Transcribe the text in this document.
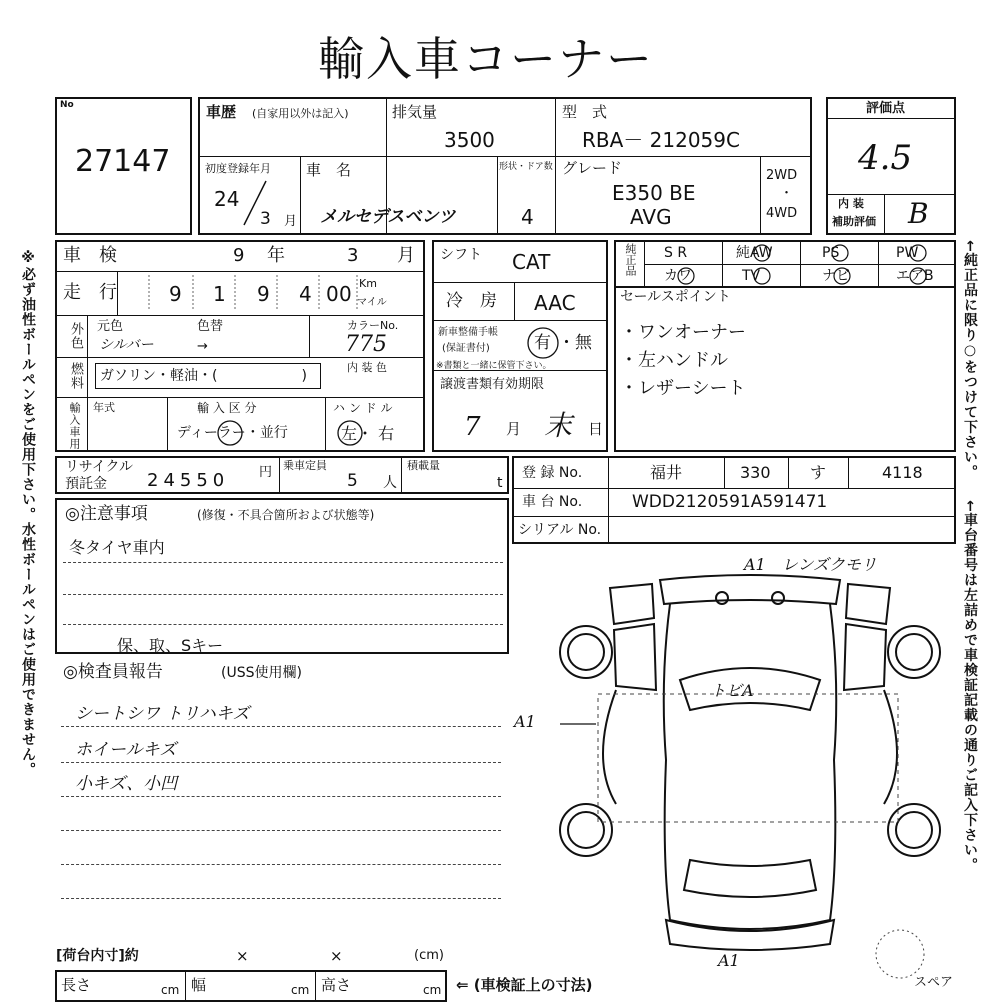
輸入車コーナー
※必ず油性ボールペンをご使用下さい。水性ボールペンはご使用できません。	←純正品に限り○をつけて下さい。
←車台番号は左詰めで車検証記載の通りご記入下さい。
No
27147
車歴 (自家用以外は記入)	排気量
3500
型　式
RBA－ 212059C
初度登録年月
24
3 月
車　名
メルセデスベンツ
形状・ドア数
4
グレード
E350 BE
AVG
2WD
・
4WD
評価点
4.5
内 装
補助評価 B
車　検	9 年	3 月
走　行	9 1 9 4 0
0 Km
マイル
外色 元色	色替
シルバー	→
カラーNo.
775
燃料 ガソリン・軽油・(　　　　　　)
内 装 色
輸入車用 年式	輸 入 区 分
ディーラー・並行
ハ ン ド ル
左・ 右
シフト CAT
冷　房 AAC
新車整備手帳
(保証書付)	有 ・無
※書類と一緒に保管下さい。
譲渡書類有効期限
7 月 末 日
純正品 S R	純AW	PS	PW
カワ	TV	ナビ	エアB
セールスポイント
・ワンオーナー
・左ハンドル
・レザーシート
リサイクル
預託金 24550 円 乗車定員
5 人
積載量
t
登 録 No.	福井	330 す	4118
車 台 No.	WDD2120591A591471
シリアル No.
◎注意事項	(修復・不具合箇所および状態等)
冬タイヤ車内
保、取、Sキー
◎検査員報告	(USS使用欄)
シートシワ トリハキズ
ホイールキズ
小キズ、小凹
A1　レンズクモリ
トビA
A1
A1
スペア
[荷台内寸]約	×	×	(cm)
長さ	cm 幅	cm 高さ	cm ⇐ (車検証上の寸法)
